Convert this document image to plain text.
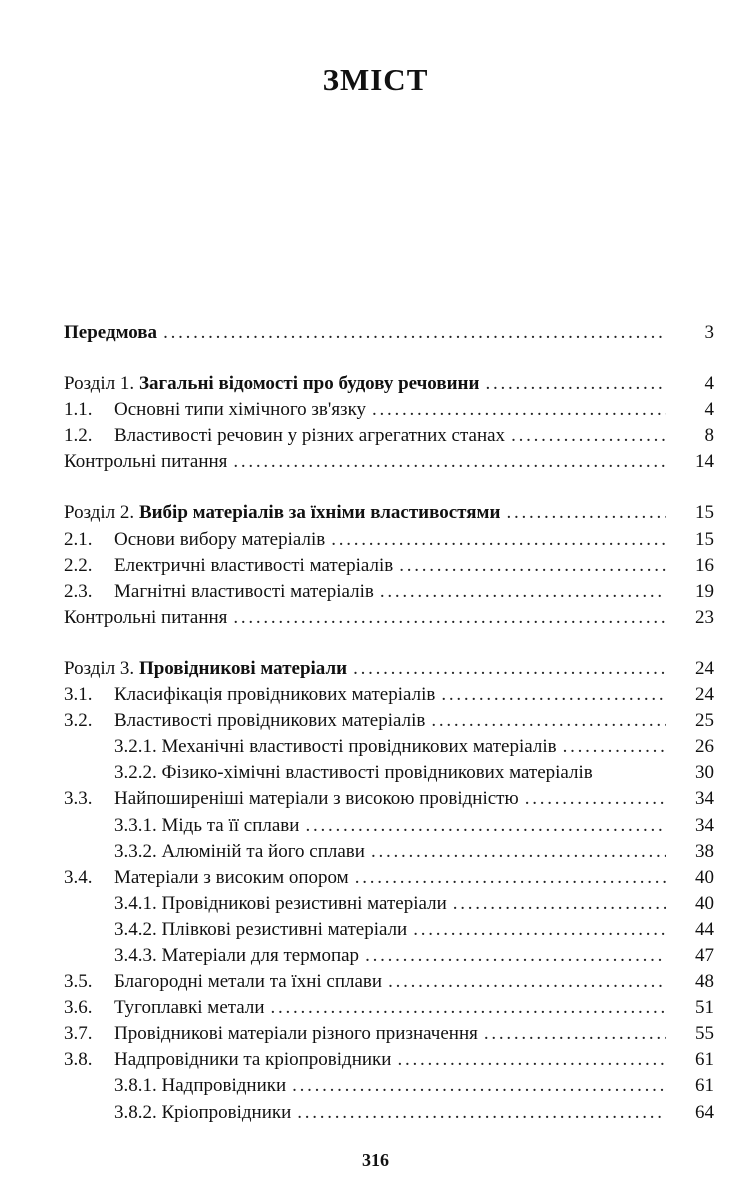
ЗМІСТ
Передмова . . .	3
Розділ 1. Загальні відомості про будову речовини . . .	4
1.1.	Основні типи хімічного зв'язку . . .	4
1.2.	Властивості речовин у різних агрегатних станах . . .	8
Контрольні питання . . .	14
Розділ 2. Вибір матеріалів за їхніми властивостями . . .	15
2.1.	Основи вибору матеріалів . . .	15
2.2.	Електричні властивості матеріалів . . .	16
2.3.	Магнітні властивості матеріалів . . .	19
Контрольні питання . . .	23
Розділ 3. Провідникові матеріали . . .	24
3.1.	Класифікація провідникових матеріалів . . .	24
3.2.	Властивості провідникових матеріалів . . .	25
3.2.1. Механічні властивості провідникових матеріалів . . .	26
3.2.2. Фізико-хімічні властивості провідникових матеріалів	30
3.3.	Найпоширеніші матеріали з високою провідністю . . .	34
3.3.1. Мідь та її сплави . . .	34
3.3.2. Алюміній та його сплави . . .	38
3.4.	Матеріали з високим опором . . .	40
3.4.1. Провідникові резистивні матеріали . . .	40
3.4.2. Плівкові резистивні матеріали . . .	44
3.4.3. Матеріали для термопар . . .	47
3.5.	Благородні метали та їхні сплави . . .	48
3.6.	Тугоплавкі метали . . .	51
3.7.	Провідникові матеріали різного призначення . . .	55
3.8.	Надпровідники та кріопровідники . . .	61
3.8.1. Надпровідники . . .	61
3.8.2. Кріопровідники . . .	64
316
